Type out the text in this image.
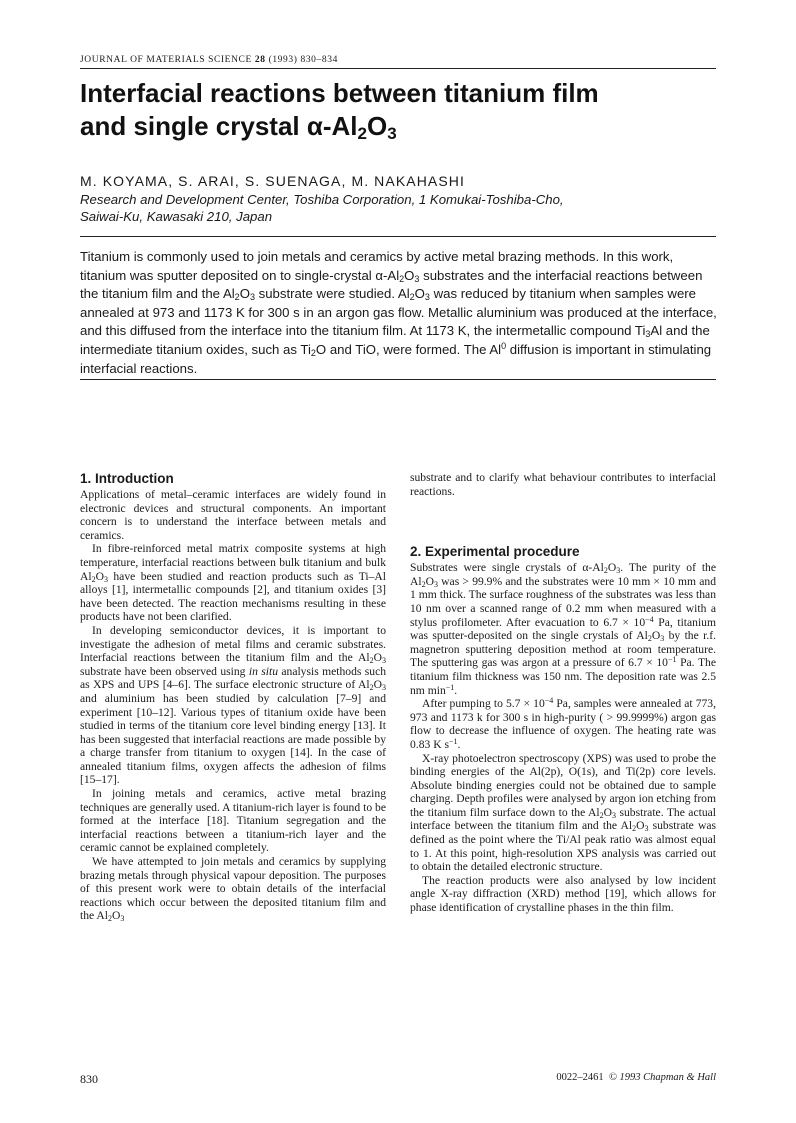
JOURNAL OF MATERIALS SCIENCE 28 (1993) 830–834
Interfacial reactions between titanium film
and single crystal $\alpha-Al_2O_3$
M. KOYAMA, S. ARAI, S. SUENAGA, M. NAKAHASHI
Research and Development Center, Toshiba Corporation, 1 Komukai-Toshiba-Cho,
Saiwai-Ku, Kawasaki 210, Japan
Titanium is commonly used to join metals and ceramics by active metal brazing methods. In this work, titanium was sputter deposited on to single-crystal $\alpha-Al_2O_3$ substrates and the interfacial reactions between the titanium film and the $Al_2O_3$ substrate were studied. $Al_2O_3$ was reduced by titanium when samples were annealed at 973 and 1173 K for 300 s in an argon gas flow. Metallic aluminium was produced at the interface, and this diffused from the interface into the titanium film. At 1173 K, the intermetallic compound $Ti_3Al$ and the intermediate titanium oxides, such as $Ti_2O$ and TiO, were formed. The Al$^0$ diffusion is important in stimulating interfacial reactions.
1. Introduction

Applications of metal–ceramic interfaces are widely found in electronic devices and structural components. An important concern is to understand the interface between metals and ceramics.

In fibre-reinforced metal matrix composite systems at high temperature, interfacial reactions between bulk titanium and bulk $Al_2O_3$ have been studied and reaction products such as Ti–Al alloys [1], intermetallic compounds [2], and titanium oxides [3] have been detected. The reaction mechanisms resulting in these products have not been clarified.

In developing semiconductor devices, it is important to investigate the adhesion of metal films and ceramic substrates. Interfacial reactions between the titanium film and the $Al_2O_3$ substrate have been observed using in situ analysis methods such as XPS and UPS [4–6]. The surface electronic structure of $Al_2O_3$ and aluminium has been studied by calculation [7–9] and experiment [10–12]. Various types of titanium oxide have been studied in terms of the titanium core level binding energy [13]. It has been suggested that interfacial reactions are made possible by a charge transfer from titanium to oxygen [14]. In the case of annealed titanium films, oxygen affects the adhesion of films [15–17].

In joining metals and ceramics, active metal brazing techniques are generally used. A titanium-rich layer is found to be formed at the interface [18]. Titanium segregation and the interfacial reactions between a titanium-rich layer and the ceramic cannot be explained completely.

We have attempted to join metals and ceramics by supplying brazing metals through physical vapour deposition. The purposes of this present work were to obtain details of the interfacial reactions which occur between the deposited titanium film and the $Al_2O_3$

substrate and to clarify what behaviour contributes to interfacial reactions.

2. Experimental procedure

Substrates were single crystals of $\alpha-Al_2O_3$. The purity of the $Al_2O_3$ was > 99.9% and the substrates were 10 mm × 10 mm and 1 mm thick. The surface roughness of the substrates was less than 10 nm over a scanned range of 0.2 mm when measured with a stylus profilometer. After evacuation to $6.7 \times 10^{-4}$ Pa, titanium was sputter-deposited on the single crystals of $Al_2O_3$ by the r.f. magnetron sputtering deposition method at room temperature. The sputtering gas was argon at a pressure of $6.7 \times 10^{-1}$ Pa. The titanium film thickness was 150 nm. The deposition rate was 2.5 nm $\min^{-1}$.

After pumping to $5.7 \times 10^{-4}$ Pa, samples were annealed at 773, 973 and 1173 k for 300 s in high-purity ( > 99.9999%) argon gas flow to decrease the influence of oxygen. The heating rate was 0.83 K $s^{-1}$.

X-ray photoelectron spectroscopy (XPS) was used to probe the binding energies of the Al(2p), O(1s), and Ti(2p) core levels. Absolute binding energies could not be obtained due to sample charging. Depth profiles were analysed by argon ion etching from the titanium film surface down to the $Al_2O_3$ substrate. The actual interface between the titanium film and the $Al_2O_3$ substrate was defined as the point where the Ti/Al peak ratio was almost equal to 1. At this point, high-resolution XPS analysis was carried out to obtain the detailed electronic structure.

The reaction products were also analysed by low incident angle X-ray diffraction (XRD) method [19], which allows for phase identification of crystalline phases in the thin film.

830	0022–2461 © 1993 Chapman & Hall
